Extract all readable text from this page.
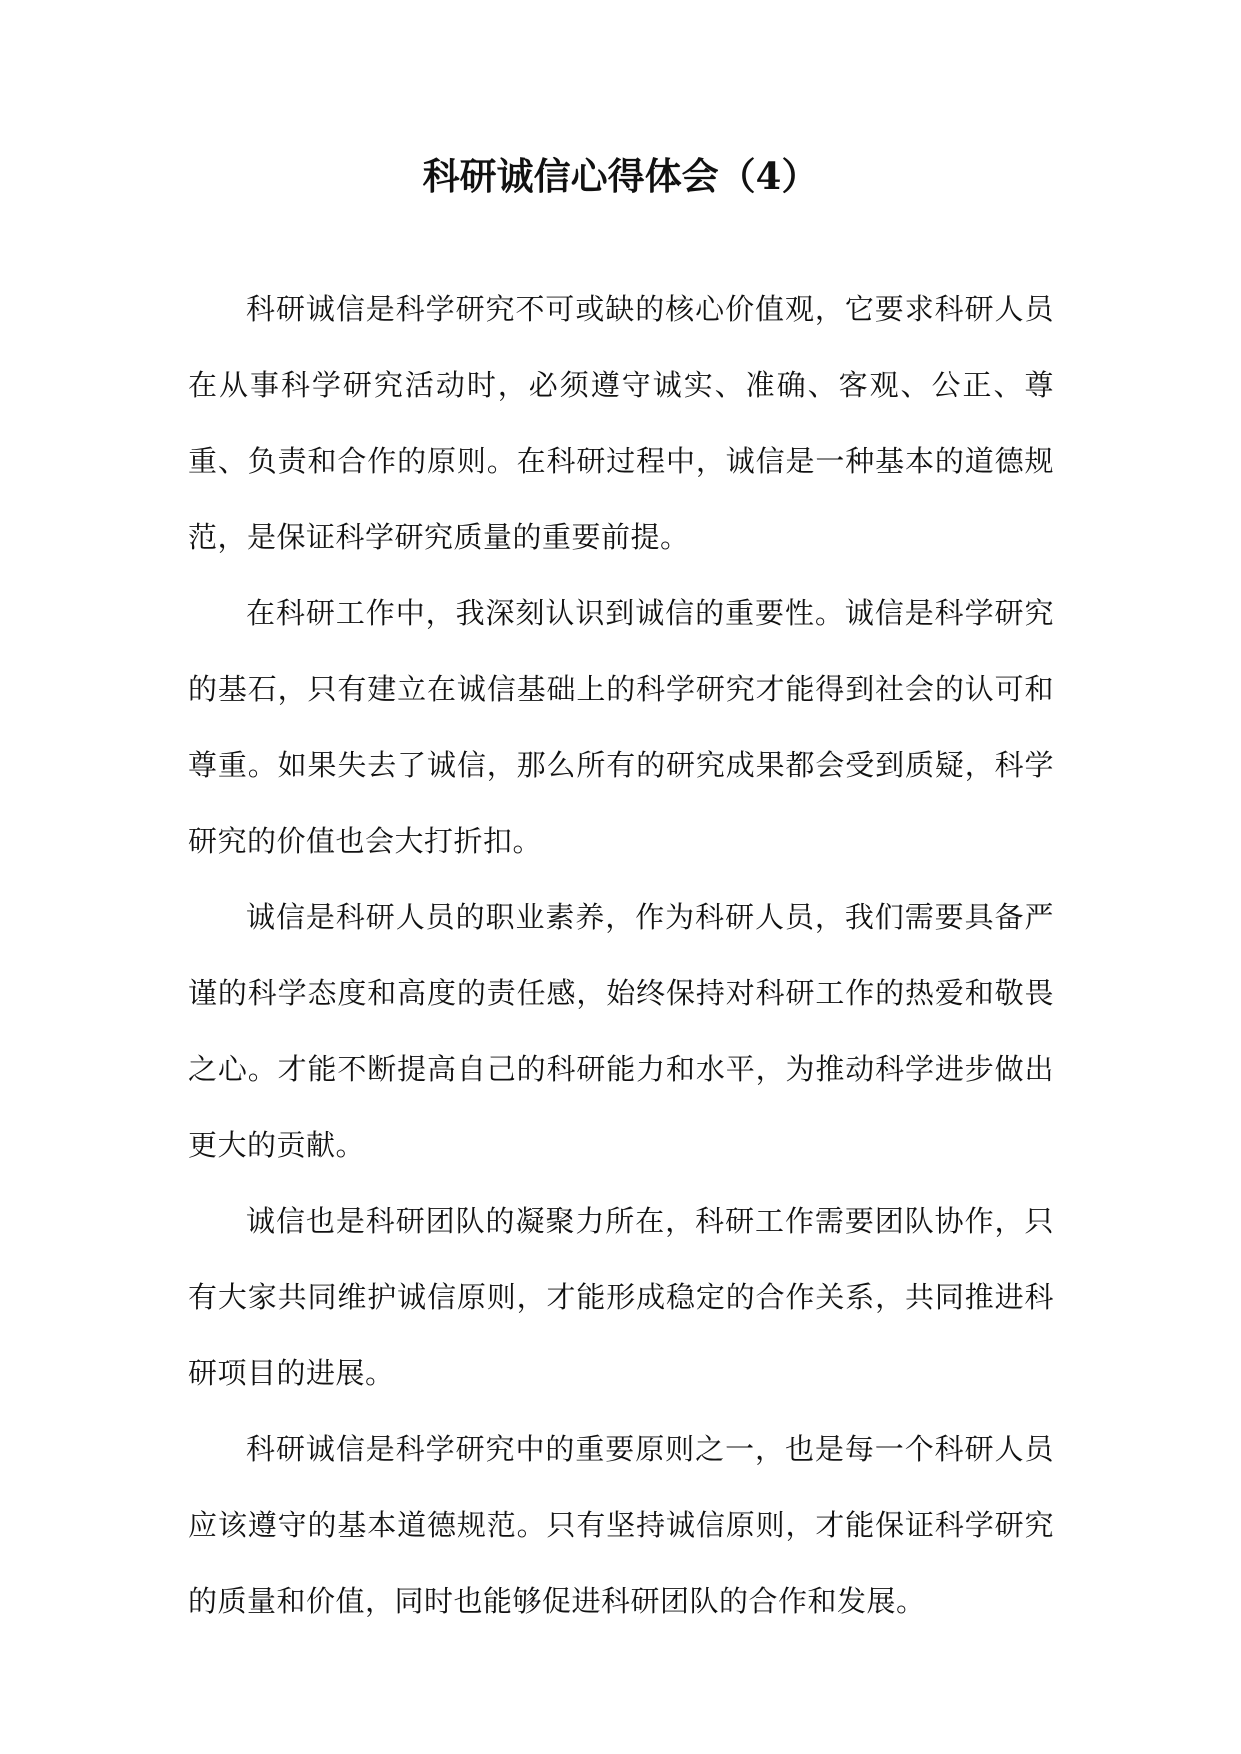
科研诚信心得体会（4）

科研诚信是科学研究不可或缺的核心价值观，它要求科研人员在从事科学研究活动时，必须遵守诚实、准确、客观、公正、尊重、负责和合作的原则。在科研过程中，诚信是一种基本的道德规范，是保证科学研究质量的重要前提。

在科研工作中，我深刻认识到诚信的重要性。诚信是科学研究的基石，只有建立在诚信基础上的科学研究才能得到社会的认可和尊重。如果失去了诚信，那么所有的研究成果都会受到质疑，科学研究的价值也会大打折扣。

诚信是科研人员的职业素养，作为科研人员，我们需要具备严谨的科学态度和高度的责任感，始终保持对科研工作的热爱和敬畏之心。才能不断提高自己的科研能力和水平，为推动科学进步做出更大的贡献。

诚信也是科研团队的凝聚力所在，科研工作需要团队协作，只有大家共同维护诚信原则，才能形成稳定的合作关系，共同推进科研项目的进展。

科研诚信是科学研究中的重要原则之一，也是每一个科研人员应该遵守的基本道德规范。只有坚持诚信原则，才能保证科学研究的质量和价值，同时也能够促进科研团队的合作和发展。
